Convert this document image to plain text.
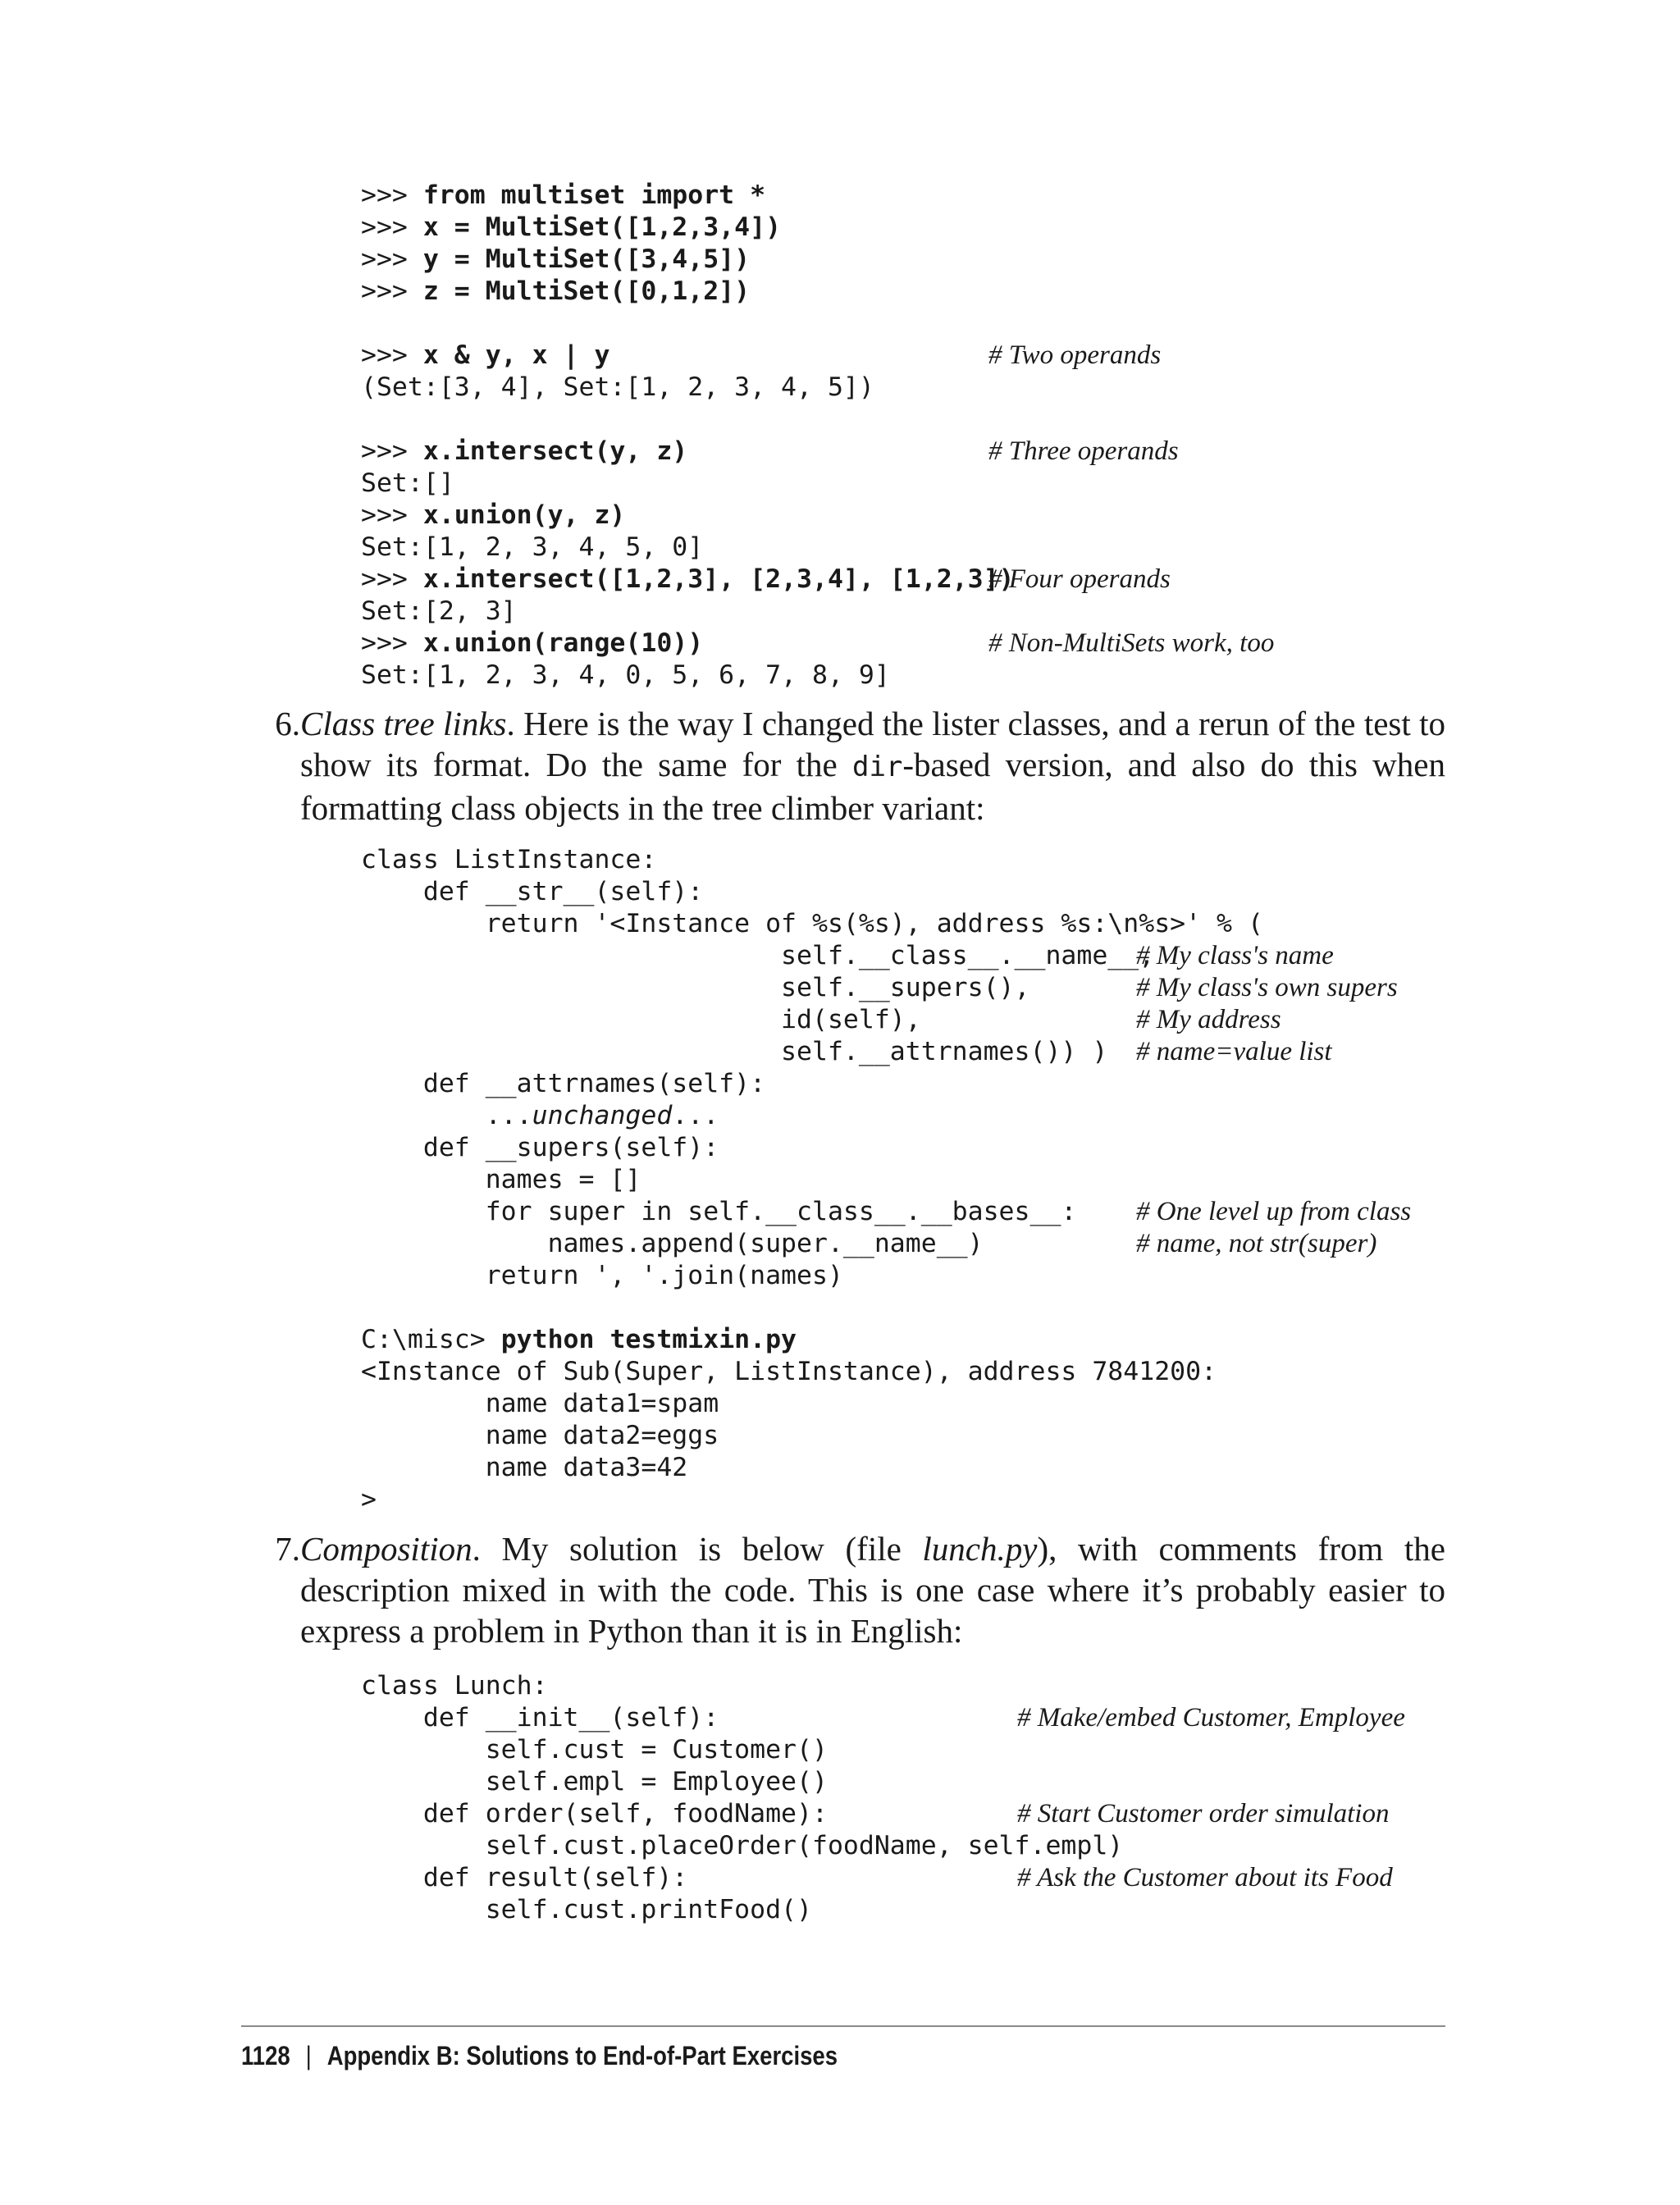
>>> from multiset import *
>>> x = MultiSet([1,2,3,4])
>>> y = MultiSet([3,4,5])
>>> z = MultiSet([0,1,2])
>>> x & y, x | y	# Two operands
(Set:[3, 4], Set:[1, 2, 3, 4, 5])
>>> x.intersect(y, z)	# Three operands
Set:[]
>>> x.union(y, z)
Set:[1, 2, 3, 4, 5, 0]
>>> x.intersect([1,2,3], [2,3,4], [1,2,3])
# Four operands
Set:[2, 3]
>>> x.union(range(10))	# Non-MultiSets work, too
Set:[1, 2, 3, 4, 0, 5, 6, 7, 8, 9]
6. Class tree links. Here is the way I changed the lister classes, and a rerun of the test to show its format. Do the same for the dir-based version, and also do this when formatting class objects in the tree climber variant:

class ListInstance:
def __str__(self):
return '<Instance of %s(%s), address %s:\n%s>' % (
self.__class__.__name__,
# My class's name
self.__supers(),	# My class's own supers
id(self),	# My address
self.__attrnames()) ) # name=value list
def __attrnames(self):
...unchanged...
def __supers(self):
names = []
for super in self.__class__.__bases__: # One level up from class
names.append(super.__name__)	# name, not str(super)
return ', '.join(names)
C:\misc> python testmixin.py
<Instance of Sub(Super, ListInstance), address 7841200:
name data1=spam
name data2=eggs
name data3=42
>
7. Composition. My solution is below (file lunch.py), with comments from the description mixed in with the code. This is one case where it’s probably easier to express a problem in Python than it is in English:

class Lunch:
def __init__(self):	# Make/embed Customer, Employee
self.cust = Customer()
self.empl = Employee()
def order(self, foodName):	# Start Customer order simulation
self.cust.placeOrder(foodName, self.empl)
def result(self):	# Ask the Customer about its Food
self.cust.printFood()
1128 | Appendix B: Solutions to End-of-Part Exercises
